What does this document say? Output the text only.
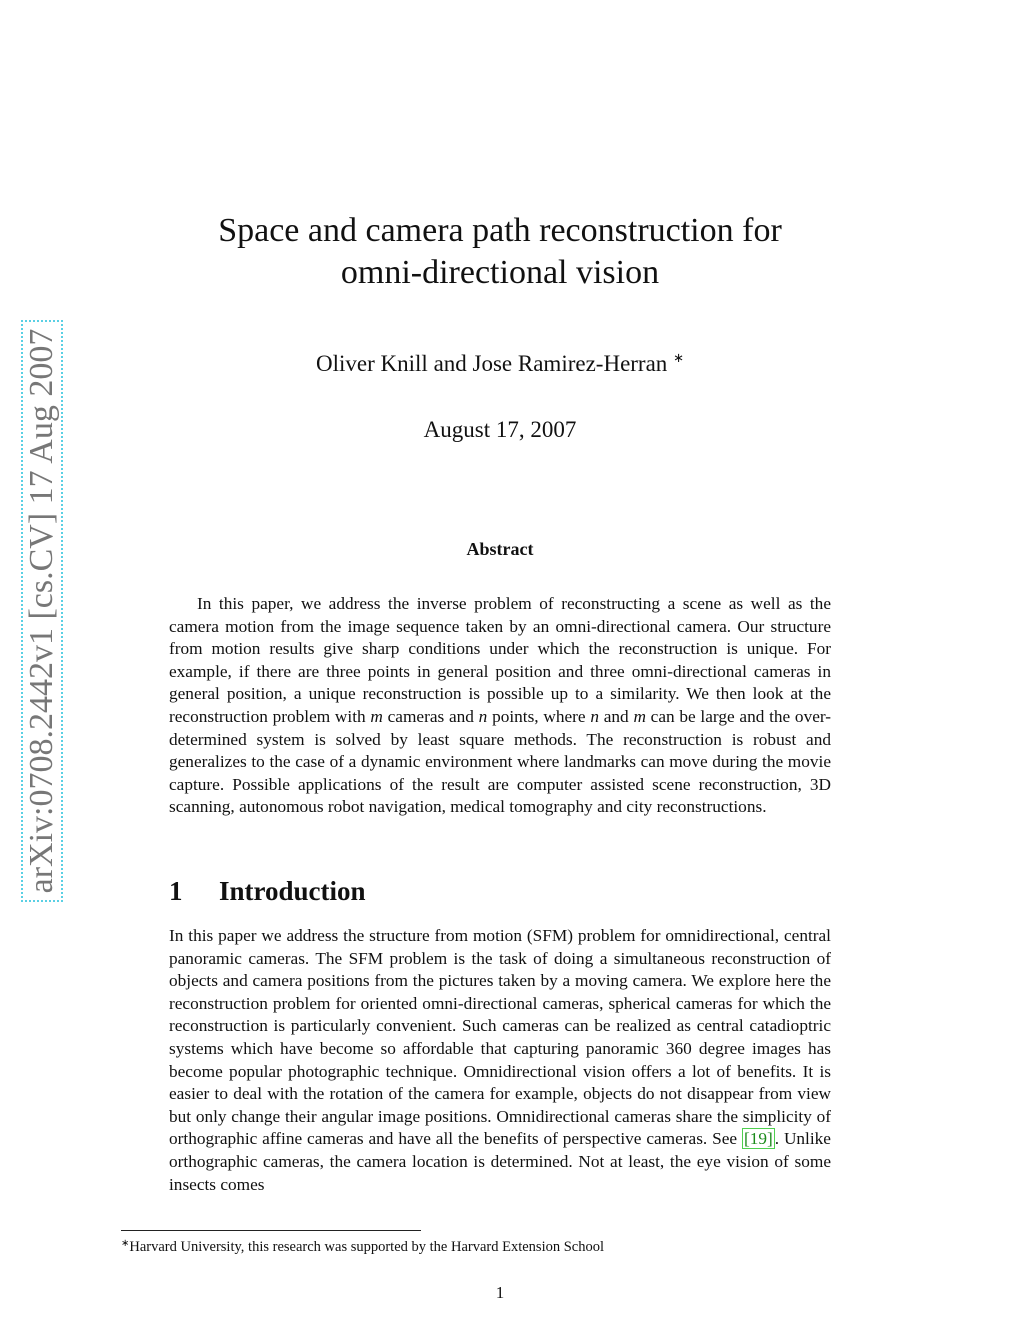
arXiv:0708.2442v1 [cs.CV] 17 Aug 2007
Space and camera path reconstruction for
omni-directional vision
Oliver Knill and Jose Ramirez-Herran ∗
August 17, 2007
Abstract

In this paper, we address the inverse problem of reconstructing a scene as well as the camera motion from the image sequence taken by an omni-directional camera. Our structure from motion results give sharp conditions under which the reconstruction is unique. For example, if there are three points in general position and three omni-directional cameras in general position, a unique reconstruction is possible up to a similarity. We then look at the reconstruction problem with m cameras and n points, where n and m can be large and the over-determined system is solved by least square methods. The reconstruction is robust and generalizes to the case of a dynamic environment where landmarks can move during the movie capture. Possible applications of the result are computer assisted scene reconstruction, 3D scanning, autonomous robot navigation, medical tomography and city reconstructions.

1 Introduction

In this paper we address the structure from motion (SFM) problem for omnidirectional, central panoramic cameras. The SFM problem is the task of doing a simultaneous reconstruction of objects and camera positions from the pictures taken by a moving camera. We explore here the reconstruction problem for oriented omni-directional cameras, spherical cameras for which the reconstruction is particularly convenient. Such cameras can be realized as central catadioptric systems which have become so affordable that capturing panoramic 360 degree images has become popular photographic technique. Omnidirectional vision offers a lot of benefits. It is easier to deal with the rotation of the camera for example, objects do not disappear from view but only change their angular image positions. Omnidirectional cameras share the simplicity of orthographic affine cameras and have all the benefits of perspective cameras. See [19] . Unlike orthographic cameras, the camera location is determined. Not at least, the eye vision of some insects comes

∗Harvard University, this research was supported by the Harvard Extension School
1
